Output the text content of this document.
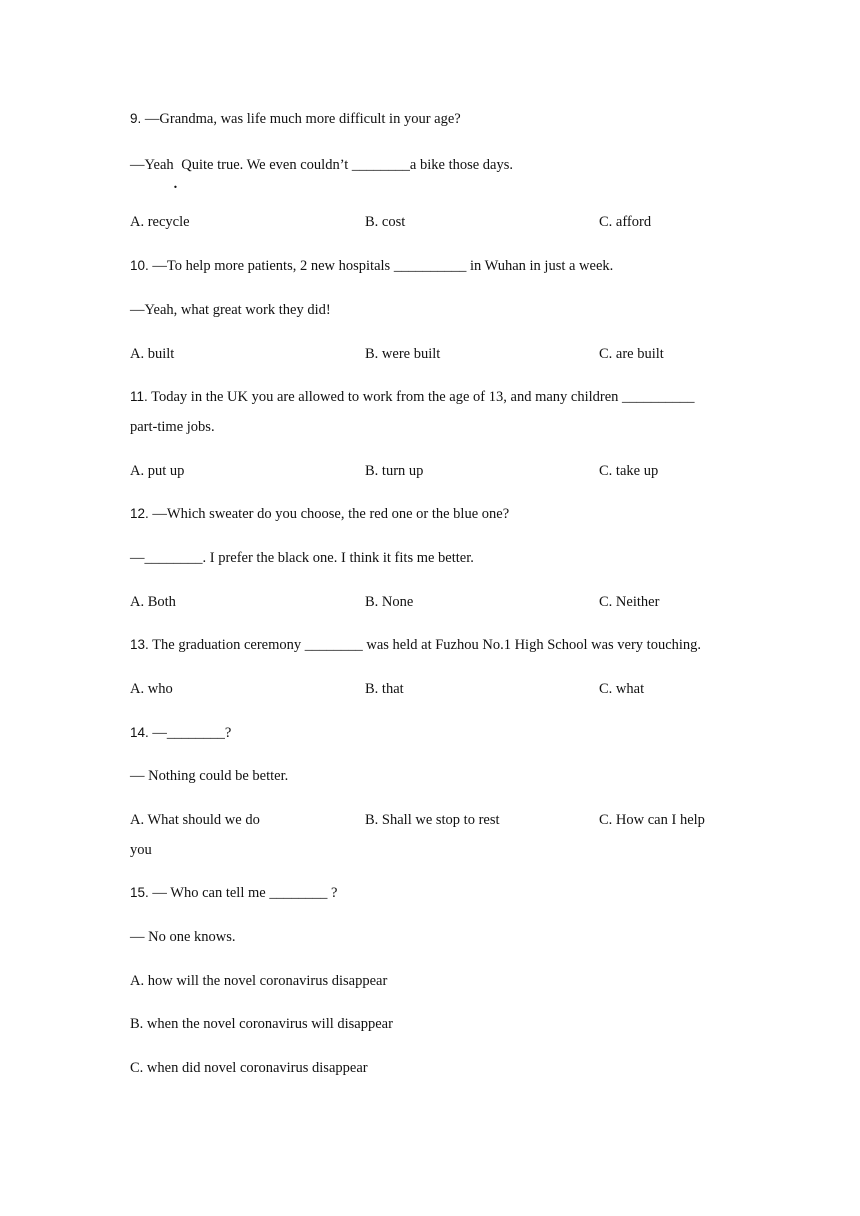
9. —Grandma, was life much more difficult in your age?
—Yeah Quite true. We even couldn’t ________a bike those days.
A. recycle	B. cost	C. afford
10. —To help more patients, 2 new hospitals __________ in Wuhan in just a week.
—Yeah, what great work they did!
A. built	B. were built	C. are built
11. Today in the UK you are allowed to work from the age of 13, and many children __________
part-time jobs.
A. put up	B. turn up	C. take up
12. —Which sweater do you choose, the red one or the blue one?
—________. I prefer the black one. I think it fits me better.
A. Both	B. None	C. Neither
13. The graduation ceremony ________ was held at Fuzhou No.1 High School was very touching.
A. who	B. that	C. what
14. —________?
— Nothing could be better.
A. What should we do	B. Shall we stop to rest	C. How can I help
you
15. — Who can tell me ________ ?
— No one knows.
A. how will the novel coronavirus disappear
B. when the novel coronavirus will disappear
C. when did novel coronavirus disappear
